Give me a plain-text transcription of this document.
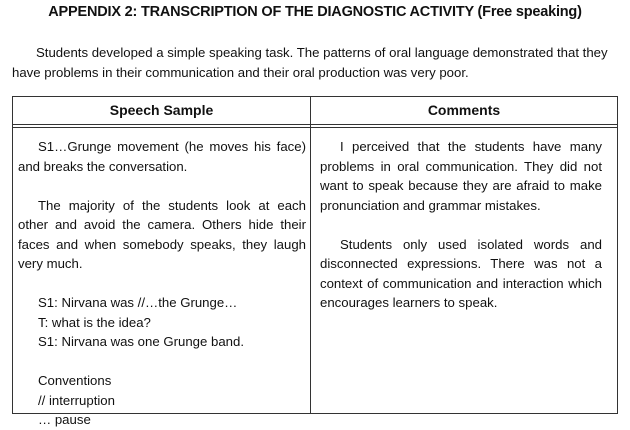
APPENDIX 2: TRANSCRIPTION OF THE DIAGNOSTIC ACTIVITY (Free speaking)
Students developed a simple speaking task. The patterns of oral language demonstrated that they have problems in their communication and their oral production was very poor.
Speech Sample	Comments

S1…Grunge movement (he moves his face) and breaks the conversation.

The majority of the students look at each other and avoid the camera. Others hide their faces and when somebody speaks, they laugh very much.

S1: Nirvana was //…the Grunge…

T: what is the idea?

S1: Nirvana was one Grunge band.

Conventions

// interruption

… pause

I perceived that the students have many problems in oral communication. They did not want to speak because they are afraid to make pronunciation and grammar mistakes.

Students only used isolated words and disconnected expressions. There was not a context of communication and interaction which encourages learners to speak.
